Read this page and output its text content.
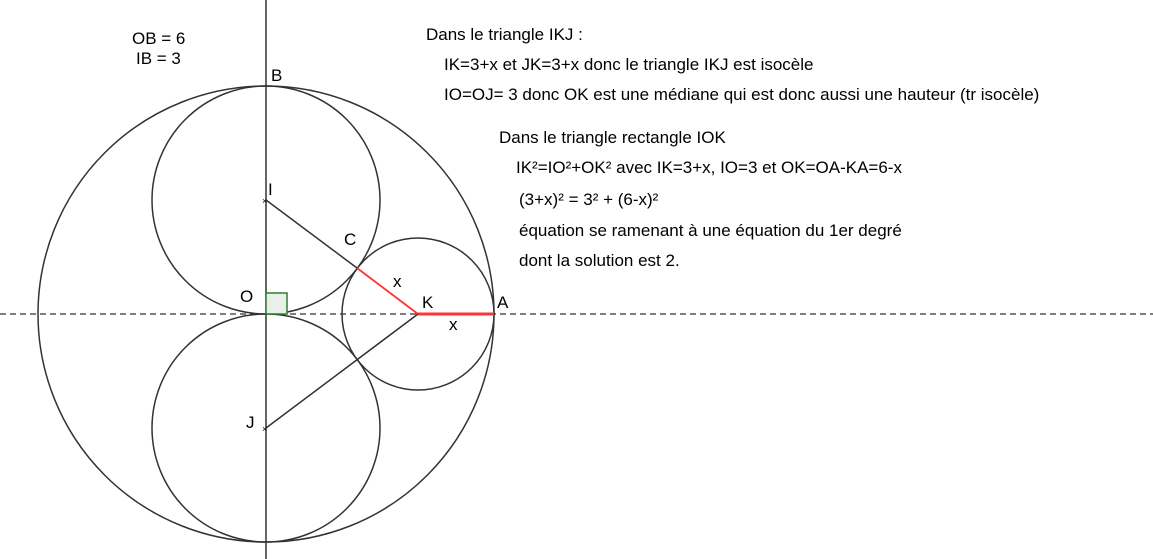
×
×
B
I
C
O	K	A
J
x
x
OB = 6
IB = 3
Dans le triangle IKJ :
IK=3+x et JK=3+x donc le triangle IKJ est isocèle
IO=OJ= 3 donc OK est une médiane qui est donc aussi une hauteur (tr isocèle)
Dans le triangle rectangle IOK
IK²=IO²+OK² avec IK=3+x, IO=3 et OK=OA-KA=6-x
(3+x)² = 3² + (6-x)²
équation se ramenant à une équation du 1er degré
dont la solution est 2.
